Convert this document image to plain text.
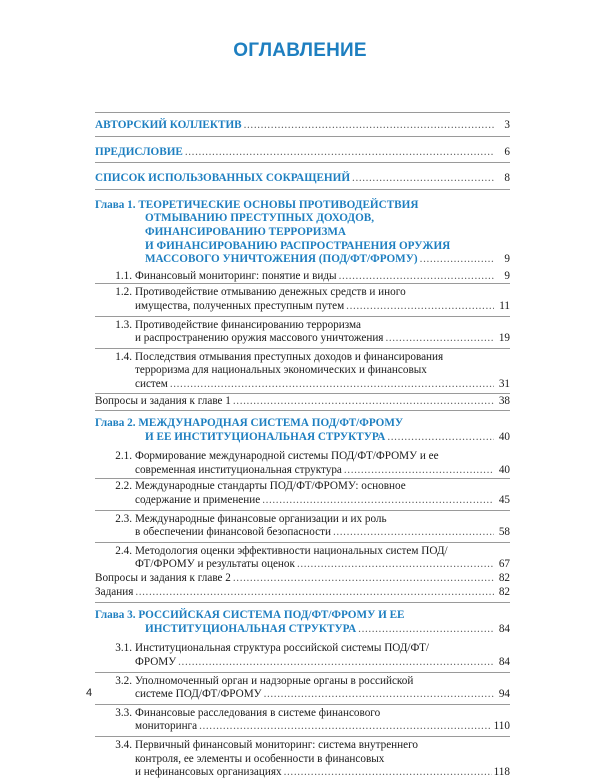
ОГЛАВЛЕНИЕ
АВТОРСКИЙ КОЛЛЕКТИВ .....	3
ПРЕДИСЛОВИЕ .....	6
СПИСОК ИСПОЛЬЗОВАННЫХ СОКРАЩЕНИЙ .....	8
Глава 1. ТЕОРЕТИЧЕСКИЕ ОСНОВЫ ПРОТИВОДЕЙСТВИЯ
ОТМЫВАНИЮ ПРЕСТУПНЫХ ДОХОДОВ,
ФИНАНСИРОВАНИЮ ТЕРРОРИЗМА
И ФИНАНСИРОВАНИЮ РАСПРОСТРАНЕНИЯ ОРУЖИЯ
МАССОВОГО УНИЧТОЖЕНИЯ (ПОД/ФТ/ФРОМУ) .....	9
1.1. Финансовый мониторинг: понятие и виды .....	9
1.2. Противодействие отмыванию денежных средств и иного
имущества, полученных преступным путем .....	11
1.3. Противодействие финансированию терроризма
и распространению оружия массового уничтожения .....	19
1.4. Последствия отмывания преступных доходов и финансирования
терроризма для национальных экономических и финансовых
систем .....	31
Вопросы и задания к главе 1 .....	38
Глава 2. МЕЖДУНАРОДНАЯ СИСТЕМА ПОД/ФТ/ФРОМУ
И ЕЕ ИНСТИТУЦИОНАЛЬНАЯ СТРУКТУРА .....	40
2.1. Формирование международной системы ПОД/ФТ/ФРОМУ и ее
современная институциональная структура .....	40
2.2. Международные стандарты ПОД/ФТ/ФРОМУ: основное
содержание и применение .....	45
2.3. Международные финансовые организации и их роль
в обеспечении финансовой безопасности .....	58
2.4. Методология оценки эффективности национальных систем ПОД/
ФТ/ФРОМУ и результаты оценок .....	67
Вопросы и задания к главе 2 .....	82
Задания .....	82
Глава 3. РОССИЙСКАЯ СИСТЕМА ПОД/ФТ/ФРОМУ И ЕЕ
ИНСТИТУЦИОНАЛЬНАЯ СТРУКТУРА .....	84
3.1. Институциональная структура российской системы ПОД/ФТ/
ФРОМУ .....	84
3.2. Уполномоченный орган и надзорные органы в российской
системе ПОД/ФТ/ФРОМУ .....	94
3.3. Финансовые расследования в системе финансового
мониторинга .....	110
3.4. Первичный финансовый мониторинг: система внутреннего
контроля, ее элементы и особенности в финансовых
и нефинансовых организациях .....	118
4
